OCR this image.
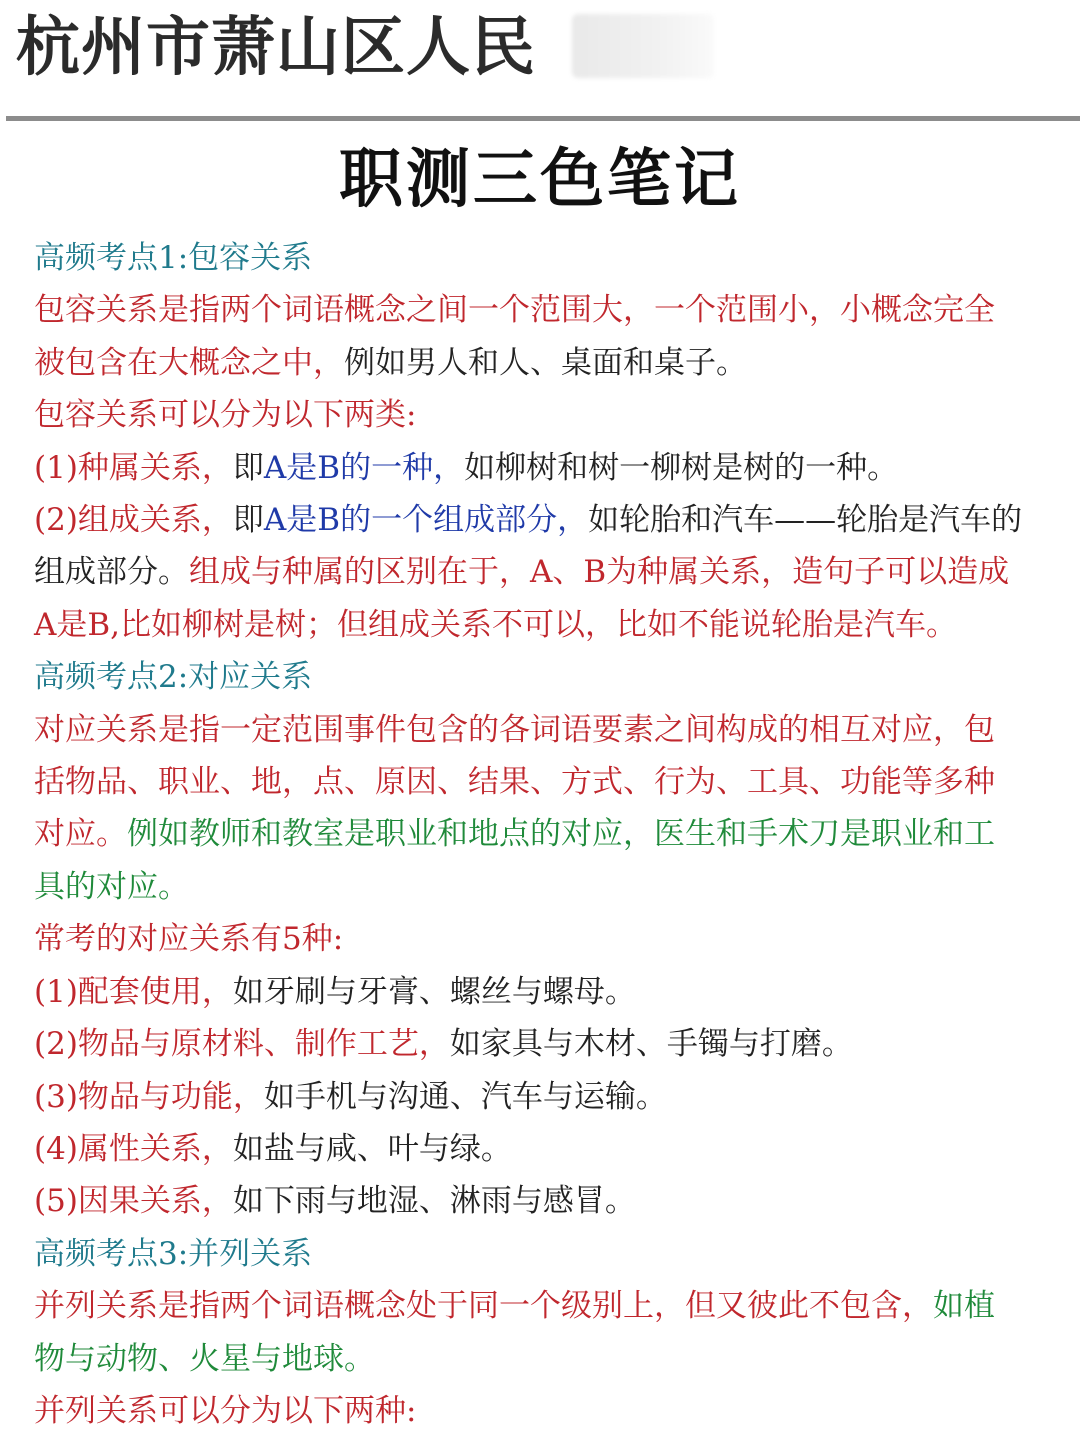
杭州市萧山区人民
职测三色笔记
高频考点1:包容关系
包容关系是指两个词语概念之间一个范围大，一个范围小，小概念完全
被包含在大概念之中，例如男人和人、桌面和桌子。
包容关系可以分为以下两类:
(1)种属关系，即A是B的一种，如柳树和树一柳树是树的一种。
(2)组成关系，即A是B的一个组成部分，如轮胎和汽车——轮胎是汽车的
组成部分。组成与种属的区别在于，A、B为种属关系，造句子可以造成
A是B,比如柳树是树；但组成关系不可以，比如不能说轮胎是汽车。
高频考点2:对应关系
对应关系是指一定范围事件包含的各词语要素之间构成的相互对应，包
括物品、职业、地，点、原因、结果、方式、行为、工具、功能等多种
对应。例如教师和教室是职业和地点的对应，医生和手术刀是职业和工
具的对应。
常考的对应关系有5种:
(1)配套使用，如牙刷与牙膏、螺丝与螺母。
(2)物品与原材料、制作工艺，如家具与木材、手镯与打磨。
(3)物品与功能，如手机与沟通、汽车与运输。
(4)属性关系，如盐与咸、叶与绿。
(5)因果关系，如下雨与地湿、淋雨与感冒。
高频考点3:并列关系
并列关系是指两个词语概念处于同一个级别上，但又彼此不包含，如植
物与动物、火星与地球。
并列关系可以分为以下两种:
